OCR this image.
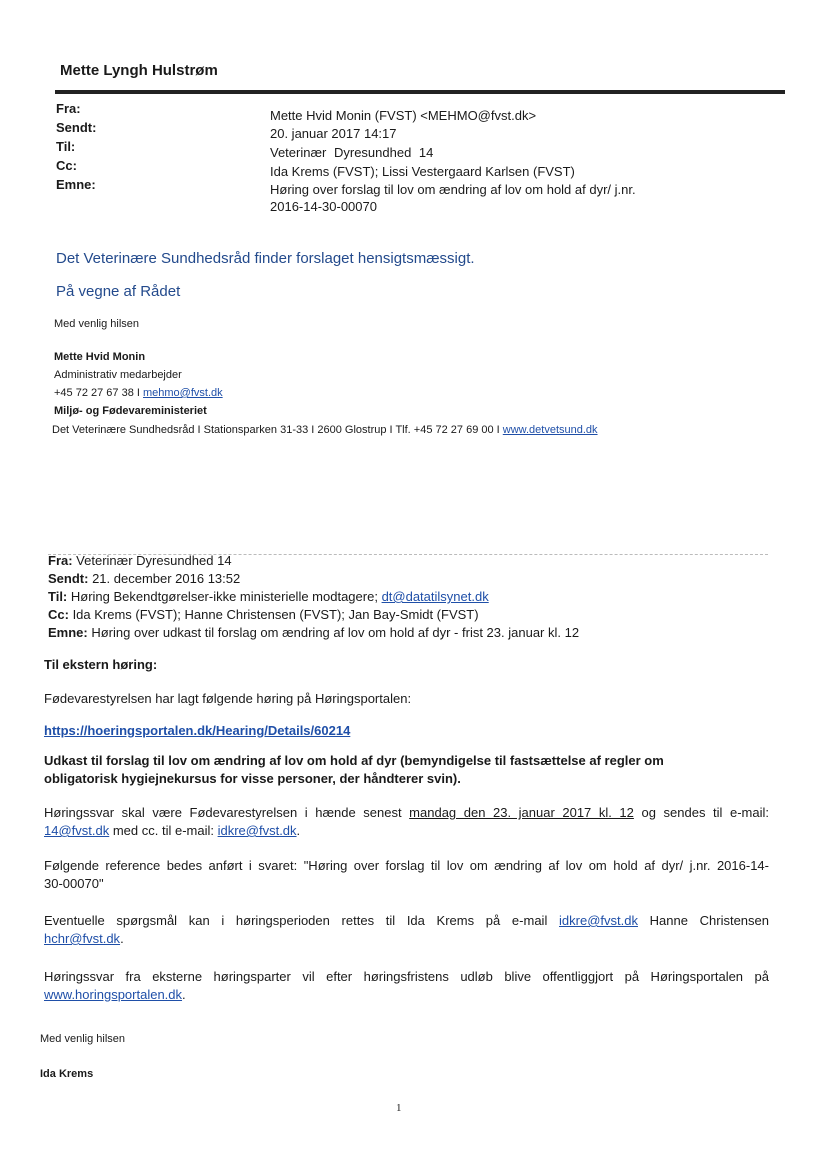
Mette Lyngh Hulstrøm
Fra:
Sendt:
Til:
Cc:
Emne:
Mette Hvid Monin (FVST) <MEHMO@fvst.dk>
20. januar 2017 14:17
Veterinær Dyresundhed 14
Ida Krems (FVST); Lissi Vestergaard Karlsen (FVST)
Høring over forslag til lov om ændring af lov om hold af dyr/ j.nr.
2016-14-30-00070
Det Veterinære Sundhedsråd finder forslaget hensigtsmæssigt.
På vegne af Rådet
Med venlig hilsen
Mette Hvid Monin
Administrativ medarbejder
+45 72 27 67 38 I mehmo@fvst.dk
Miljø- og Fødevareministeriet
Det Veterinære Sundhedsråd I Stationsparken 31-33 I 2600 Glostrup I Tlf. +45 72 27 69 00 I www.detvetsund.dk
Fra: Veterinær Dyresundhed 14
Sendt: 21. december 2016 13:52
Til: Høring Bekendtgørelser-ikke ministerielle modtagere; dt@datatilsynet.dk
Cc: Ida Krems (FVST); Hanne Christensen (FVST); Jan Bay-Smidt (FVST)
Emne: Høring over udkast til forslag om ændring af lov om hold af dyr - frist 23. januar kl. 12
Til ekstern høring:
Fødevarestyrelsen har lagt følgende høring på Høringsportalen:
https://hoeringsportalen.dk/Hearing/Details/60214
Udkast til forslag til lov om ændring af lov om hold af dyr (bemyndigelse til fastsættelse af regler om
obligatorisk hygiejnekursus for visse personer, der håndterer svin).
Høringssvar skal være Fødevarestyrelsen i hænde senest mandag den 23. januar 2017 kl. 12 og sendes til e-mail:
14@fvst.dk med cc. til e-mail: idkre@fvst.dk.
Følgende reference bedes anført i svaret: "Høring over forslag til lov om ændring af lov om hold af dyr/ j.nr. 2016-14-
30-00070"
Eventuelle spørgsmål kan i høringsperioden rettes til Ida Krems på e-mail idkre@fvst.dk Hanne Christensen
hchr@fvst.dk.
Høringssvar fra eksterne høringsparter vil efter høringsfristens udløb blive offentliggjort på Høringsportalen på
www.horingsportalen.dk.
Med venlig hilsen
Ida Krems
1
